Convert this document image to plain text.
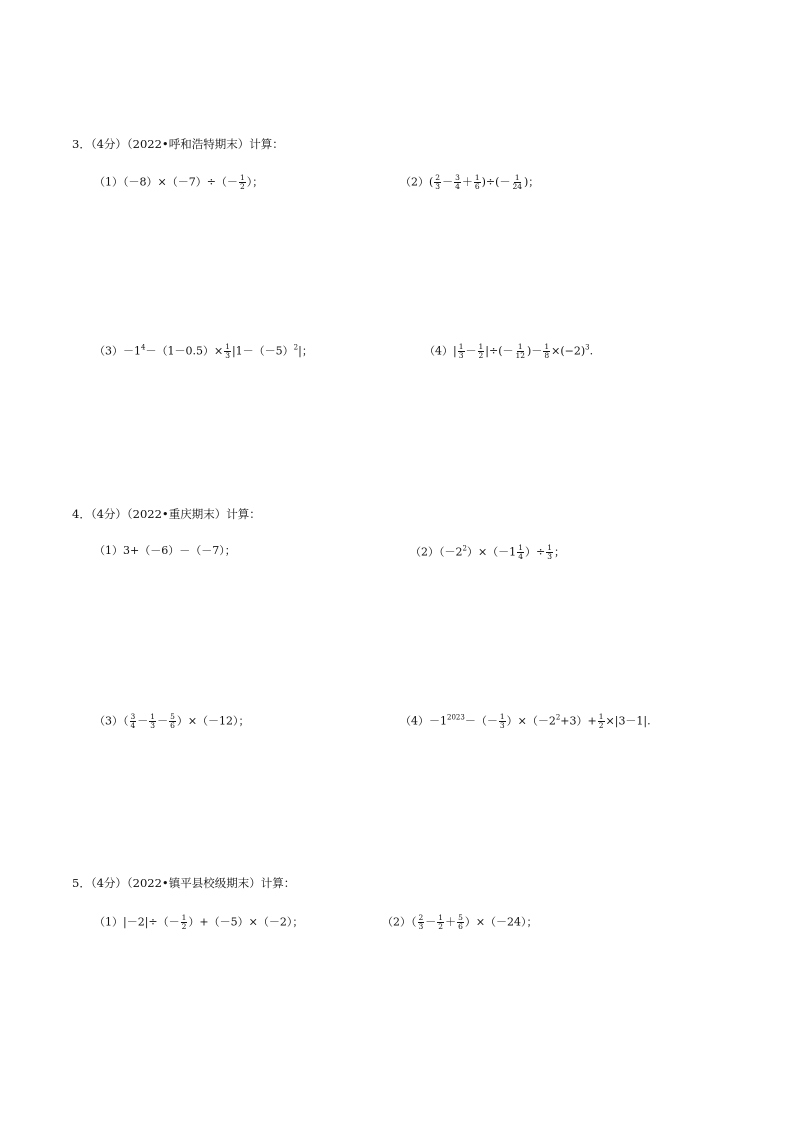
3．（4分）（2022•呼和浩特期末）计算：
$(1)(-8)\times(-7)\div(- \frac{1}{2}$ ）；	$(2)( \frac{2}{3} - \frac{3}{4} + \frac{1}{6}$ )÷(－ $\frac{1}{24}$ )；
$(3)-1^4-(1-0.5)\times \frac{1}{3} |1-(-5)^2|$；	$(4)| \frac{1}{3} - \frac{1}{2}$ |÷(－ $\frac{1}{12}$ )－ $\frac{1}{8} \times(-2)^3$.
4．（4分）（2022•重庆期末）计算：
（1）3+（－6）－（－7）；	$(2)(-2^2)\times(-1 \frac{1}{4}$ ）÷ $\frac{1}{3}$ ；
$(3)( \frac{3}{4} - \frac{1}{3} - \frac{5}{6} )\times(-12)$；	$(4)-1^{2023}-(- \frac{1}{3} )\times(-2^2+3)+ \frac{1}{2} \times|3-1|$.
5．（4分）（2022•镇平县校级期末）计算：
$(1)|-2|\div(- \frac{1}{2} )+(-5)\times(-2)$；	$(2)( \frac{2}{3} - \frac{1}{2} + \frac{5}{6} )\times(-24)$；
